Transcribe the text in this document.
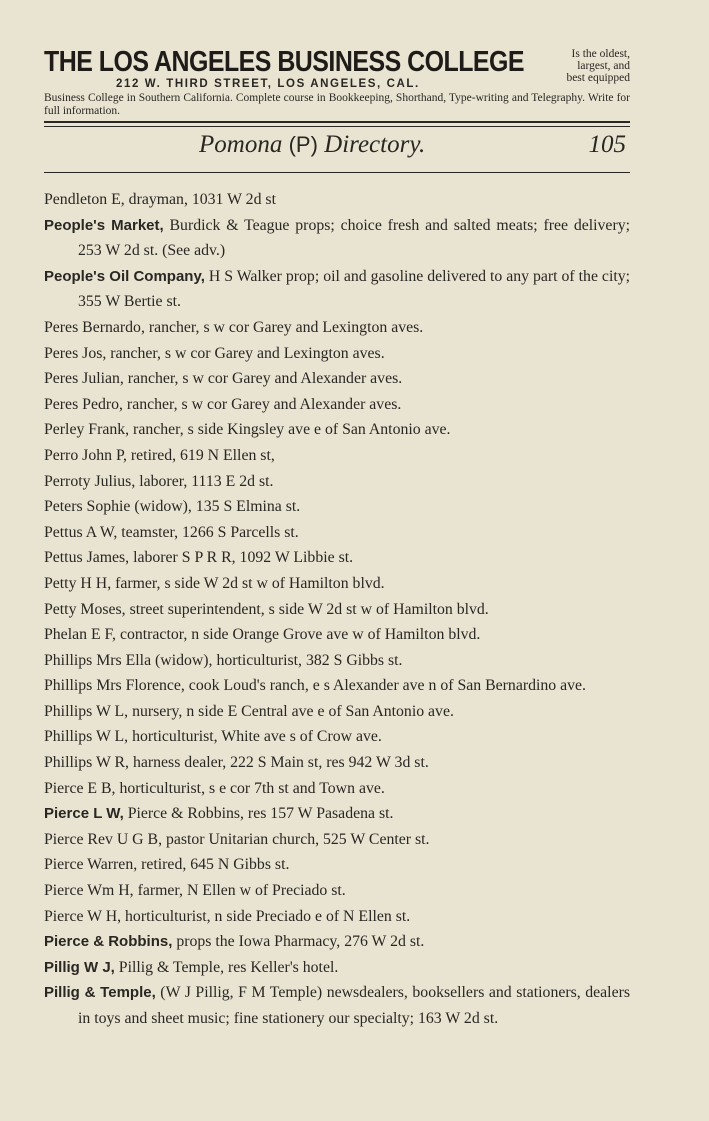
THE LOS ANGELES BUSINESS COLLEGE	Is the oldest,
largest, and
best equipped
212 W. THIRD STREET, LOS ANGELES, CAL.
Business College in Southern California. Complete course in Bookkeeping, Shorthand, Type-writing and Telegraphy. Write for full information.
Pomona (P) Directory.	105
Pendleton E, drayman, 1031 W 2d st
People's Market, Burdick & Teague props; choice fresh and salted meats; free delivery; 253 W 2d st. (See adv.)
People's Oil Company, H S Walker prop; oil and gasoline delivered to any part of the city; 355 W Bertie st.
Peres Bernardo, rancher, s w cor Garey and Lexington aves.
Peres Jos, rancher, s w cor Garey and Lexington aves.
Peres Julian, rancher, s w cor Garey and Alexander aves.
Peres Pedro, rancher, s w cor Garey and Alexander aves.
Perley Frank, rancher, s side Kingsley ave e of San Antonio ave.
Perro John P, retired, 619 N Ellen st,
Perroty Julius, laborer, 1113 E 2d st.
Peters Sophie (widow), 135 S Elmina st.
Pettus A W, teamster, 1266 S Parcells st.
Pettus James, laborer S P R R, 1092 W Libbie st.
Petty H H, farmer, s side W 2d st w of Hamilton blvd.
Petty Moses, street superintendent, s side W 2d st w of Hamilton blvd.
Phelan E F, contractor, n side Orange Grove ave w of Hamilton blvd.
Phillips Mrs Ella (widow), horticulturist, 382 S Gibbs st.
Phillips Mrs Florence, cook Loud's ranch, e s Alexander ave n of San Bernardino ave.
Phillips W L, nursery, n side E Central ave e of San Antonio ave.
Phillips W L, horticulturist, White ave s of Crow ave.
Phillips W R, harness dealer, 222 S Main st, res 942 W 3d st.
Pierce E B, horticulturist, s e cor 7th st and Town ave.
Pierce L W, Pierce & Robbins, res 157 W Pasadena st.
Pierce Rev U G B, pastor Unitarian church, 525 W Center st.
Pierce Warren, retired, 645 N Gibbs st.
Pierce Wm H, farmer, N Ellen w of Preciado st.
Pierce W H, horticulturist, n side Preciado e of N Ellen st.
Pierce & Robbins, props the Iowa Pharmacy, 276 W 2d st.
Pillig W J, Pillig & Temple, res Keller's hotel.
Pillig & Temple, (W J Pillig, F M Temple) newsdealers, booksellers and stationers, dealers in toys and sheet music; fine stationery our specialty; 163 W 2d st.
